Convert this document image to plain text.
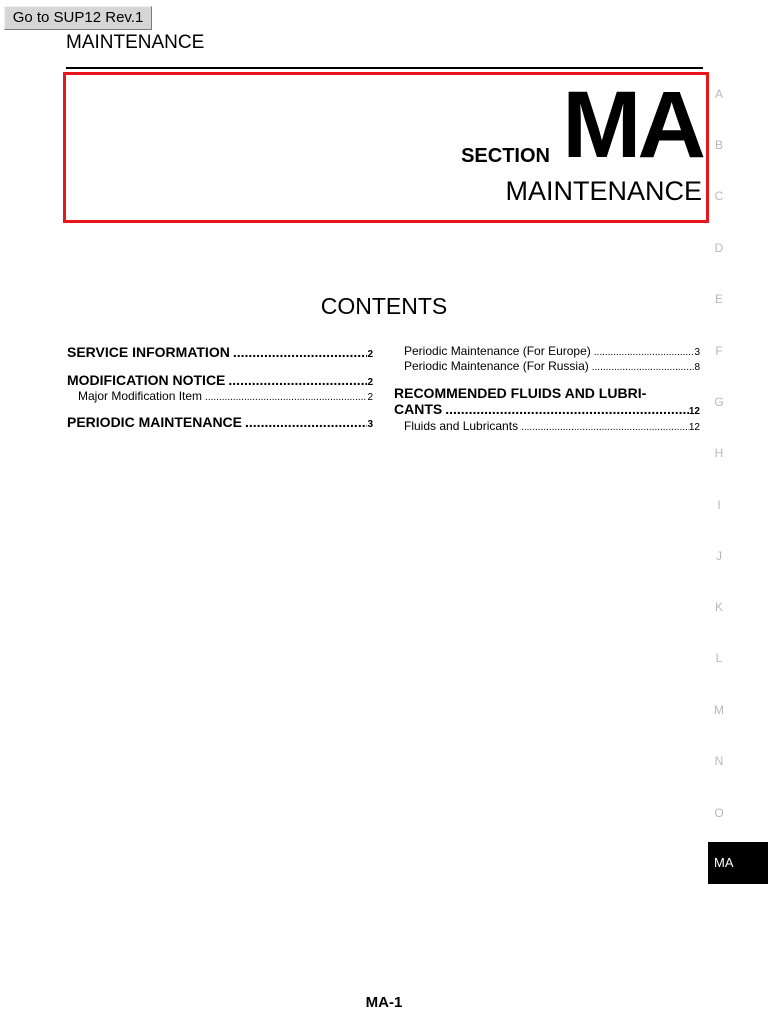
Go to SUP12 Rev.1
MAINTENANCE
SECTION MA
MAINTENANCE
CONTENTS
SERVICE INFORMATION .....	2
MODIFICATION NOTICE .....	2
Major Modification Item .....	2
PERIODIC MAINTENANCE .....	3
Periodic Maintenance (For Europe) .....	3
Periodic Maintenance (For Russia) .....	8
RECOMMENDED FLUIDS AND LUBRI-
CANTS .....	12
Fluids and Lubricants .....	12
A
B
C
D
E
F
G
H
I
J
K
L
M
N
O
MA
MA-1
